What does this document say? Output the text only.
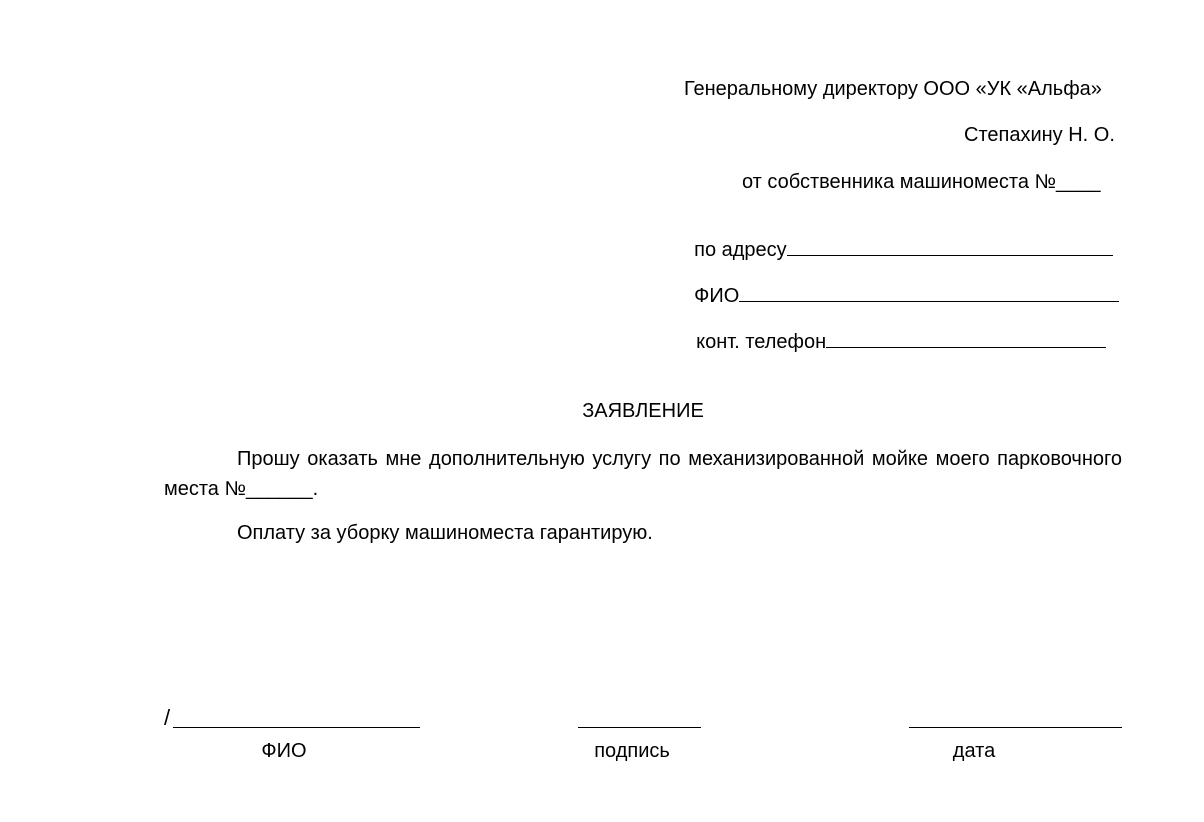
Генеральному директору ООО «УК «Альфа»
Степахину Н. О.
от собственника машиноместа №____

по адресу

ФИО

конт. телефон

ЗАЯВЛЕНИЕ
Прошу оказать мне дополнительную услугу по механизированной мойке моего парковочного места №______.
Оплату за уборку машиноместа гарантирую.
/
ФИО	подпись	дата
